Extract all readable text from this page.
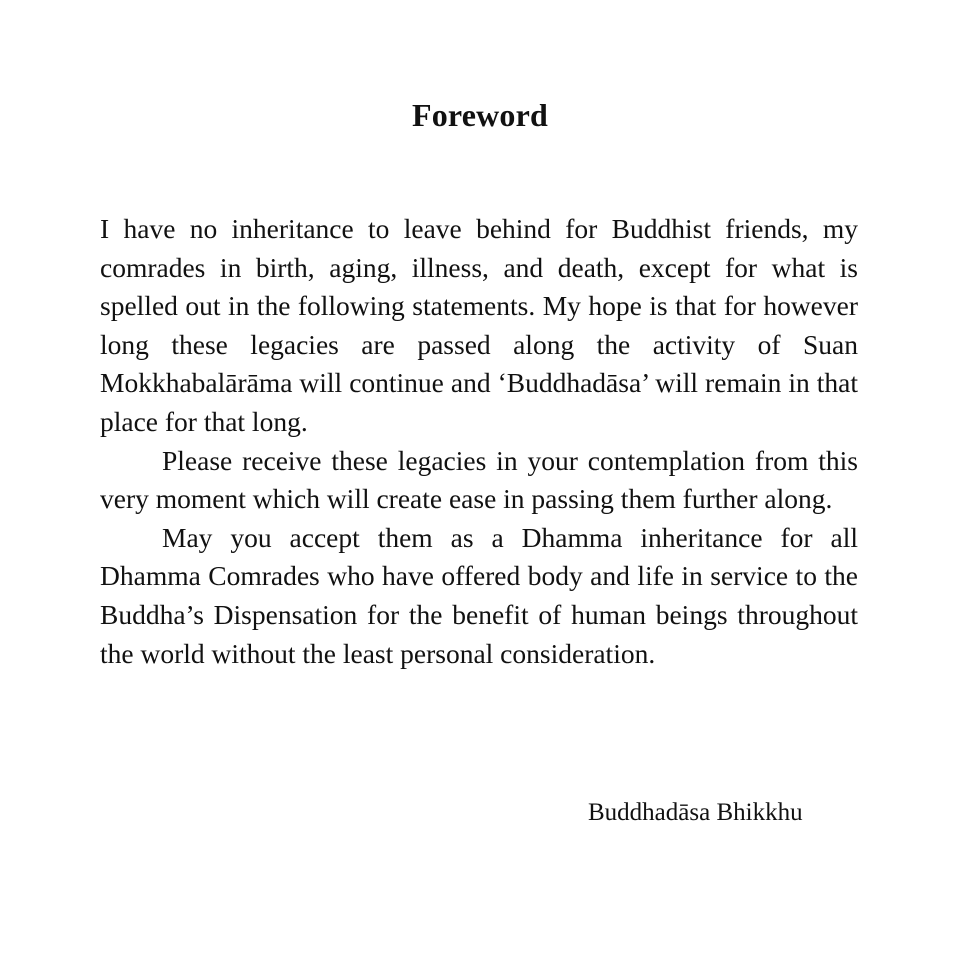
Foreword

I have no inheritance to leave behind for Buddhist friends, my comrades in birth, aging, illness, and death, except for what is spelled out in the following statements. My hope is that for however long these legacies are passed along the activity of Suan Mokkhabalārāma will continue and ‘Buddhadāsa’ will remain in that place for that long.

Please receive these legacies in your contemplation from this very moment which will create ease in passing them further along.

May you accept them as a Dhamma inheritance for all Dhamma Comrades who have offered body and life in service to the Buddha’s Dispensation for the benefit of human beings throughout the world without the least personal consideration.

Buddhadāsa Bhikkhu
